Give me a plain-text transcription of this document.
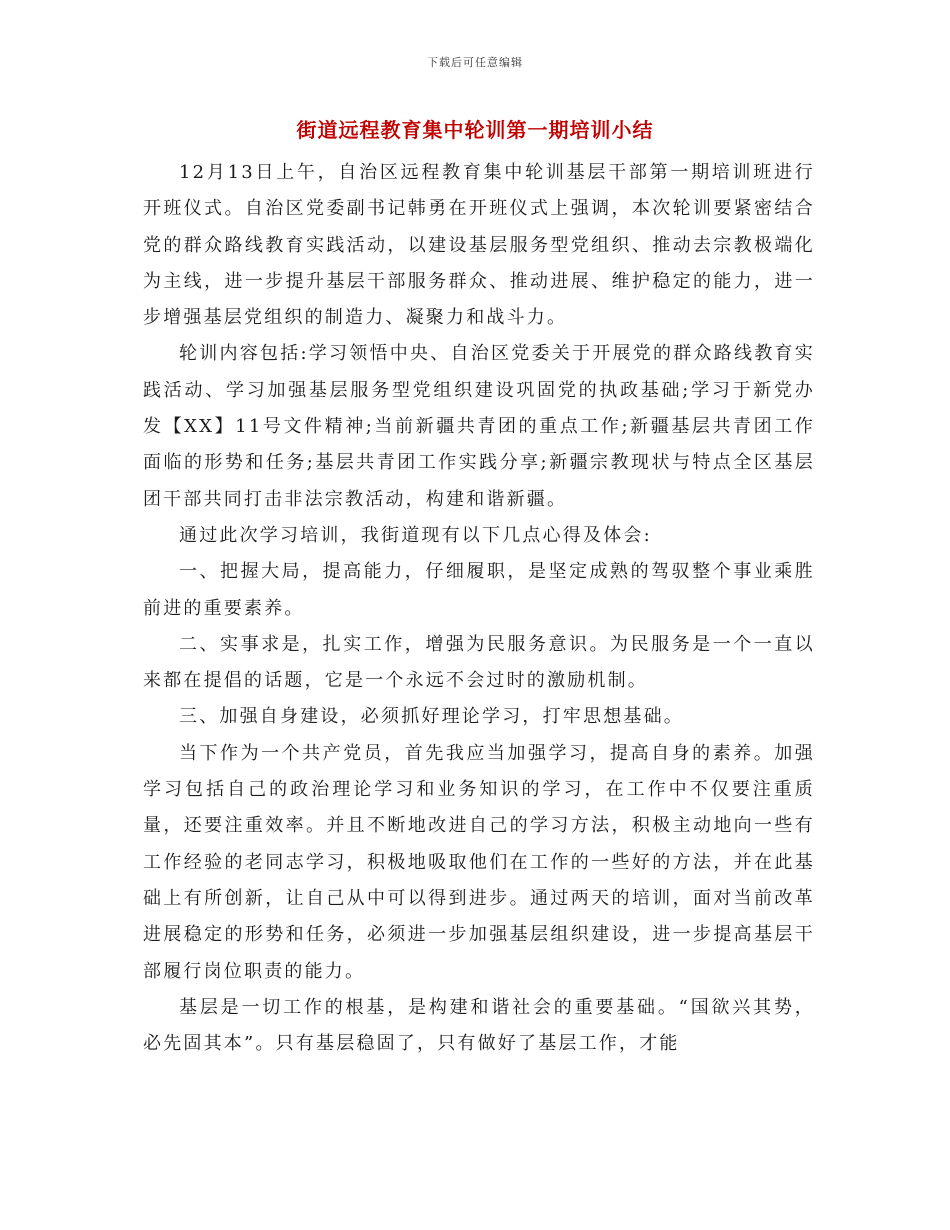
下载后可任意编辑
街道远程教育集中轮训第一期培训小结

12月13日上午，自治区远程教育集中轮训基层干部第一期培训班进行开班仪式。自治区党委副书记韩勇在开班仪式上强调，本次轮训要紧密结合党的群众路线教育实践活动，以建设基层服务型党组织、推动去宗教极端化为主线，进一步提升基层干部服务群众、推动进展、维护稳定的能力，进一步增强基层党组织的制造力、凝聚力和战斗力。

轮训内容包括:学习领悟中央、自治区党委关于开展党的群众路线教育实践活动、学习加强基层服务型党组织建设巩固党的执政基础;学习于新党办发【XX】11号文件精神;当前新疆共青团的重点工作;新疆基层共青团工作面临的形势和任务;基层共青团工作实践分享;新疆宗教现状与特点全区基层团干部共同打击非法宗教活动，构建和谐新疆。

通过此次学习培训，我街道现有以下几点心得及体会:

一、把握大局，提高能力，仔细履职，是坚定成熟的驾驭整个事业乘胜前进的重要素养。

二、实事求是，扎实工作，增强为民服务意识。为民服务是一个一直以来都在提倡的话题，它是一个永远不会过时的激励机制。

三、加强自身建设，必须抓好理论学习，打牢思想基础。

当下作为一个共产党员，首先我应当加强学习，提高自身的素养。加强学习包括自己的政治理论学习和业务知识的学习，在工作中不仅要注重质量，还要注重效率。并且不断地改进自己的学习方法，积极主动地向一些有工作经验的老同志学习，积极地吸取他们在工作的一些好的方法，并在此基础上有所创新，让自己从中可以得到进步。通过两天的培训，面对当前改革进展稳定的形势和任务，必须进一步加强基层组织建设，进一步提高基层干部履行岗位职责的能力。

基层是一切工作的根基，是构建和谐社会的重要基础。“国欲兴其势，必先固其本”。只有基层稳固了，只有做好了基层工作，才能
